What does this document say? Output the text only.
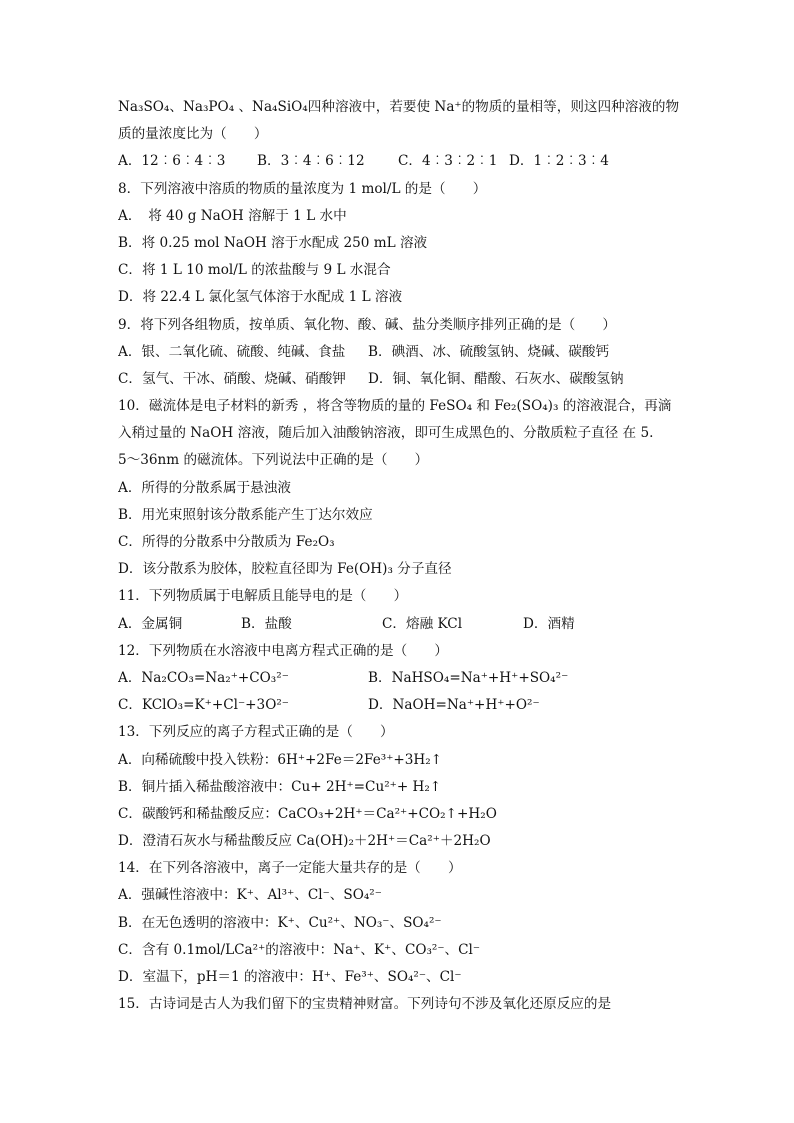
Na₃SO₄、Na₃PO₄ 、Na₄SiO₄四种溶液中，若要使 Na⁺的物质的量相等，则这四种溶液的物
质的量浓度比为（　　）
A．12︰6︰4︰3	B．3︰4︰6︰12	C．4︰3︰2︰1 D．1︰2︰3︰4
8．下列溶液中溶质的物质的量浓度为 1 mol/L 的是（　　）
A．　将 40 g NaOH 溶解于 1 L 水中
B．将 0.25 mol NaOH 溶于水配成 250 mL 溶液
C．将 1 L 10 mol/L 的浓盐酸与 9 L 水混合
D．将 22.4 L 氯化氢气体溶于水配成 1 L 溶液
9．将下列各组物质，按单质、氧化物、酸、碱、盐分类顺序排列正确的是（　　）
A．银、二氧化硫、硫酸、纯碱、食盐	B．碘酒、冰、硫酸氢钠、烧碱、碳酸钙
C．氢气、干冰、硝酸、烧碱、硝酸钾	D．铜、氧化铜、醋酸、石灰水、碳酸氢钠
10．磁流体是电子材料的新秀 ，将含等物质的量的 FeSO₄ 和 Fe₂(SO₄)₃ 的溶液混合，再滴
入稍过量的 NaOH 溶液，随后加入油酸钠溶液，即可生成黑色的、分散质粒子直径 在 5.
5～36nm 的磁流体。下列说法中正确的是（　　）
A．所得的分散系属于悬浊液
B．用光束照射该分散系能产生丁达尔效应
C．所得的分散系中分散质为 Fe₂O₃
D．该分散系为胶体，胶粒直径即为 Fe(OH)₃ 分子直径
11．下列物质属于电解质且能导电的是（　　）
A．金属铜	B．盐酸	C．熔融 KCl	D．酒精
12．下列物质在水溶液中电离方程式正确的是（　　）
A．Na₂CO₃=Na₂⁺+CO₃²⁻	B．NaHSO₄=Na⁺+H⁺+SO₄²⁻
C．KClO₃=K⁺+Cl⁻+3O²⁻	D．NaOH=Na⁺+H⁺+O²⁻
13．下列反应的离子方程式正确的是（　　）
A．向稀硫酸中投入铁粉：6H⁺+2Fe＝2Fe³⁺+3H₂↑
B．铜片插入稀盐酸溶液中：Cu+ 2H⁺=Cu²⁺+ H₂↑
C．碳酸钙和稀盐酸反应：CaCO₃+2H⁺＝Ca²⁺+CO₂↑+H₂O
D．澄清石灰水与稀盐酸反应 Ca(OH)₂＋2H⁺＝Ca²⁺＋2H₂O
14．在下列各溶液中，离子一定能大量共存的是（　　）
A．强碱性溶液中：K⁺、Al³⁺、Cl⁻、SO₄²⁻
B．在无色透明的溶液中：K⁺、Cu²⁺、NO₃⁻、SO₄²⁻
C．含有 0.1mol/LCa²⁺的溶液中：Na⁺、K⁺、CO₃²⁻、Cl⁻
D．室温下，pH＝1 的溶液中：H⁺、Fe³⁺、SO₄²⁻、Cl⁻
15．古诗词是古人为我们留下的宝贵精神财富。下列诗句不涉及氧化还原反应的是
